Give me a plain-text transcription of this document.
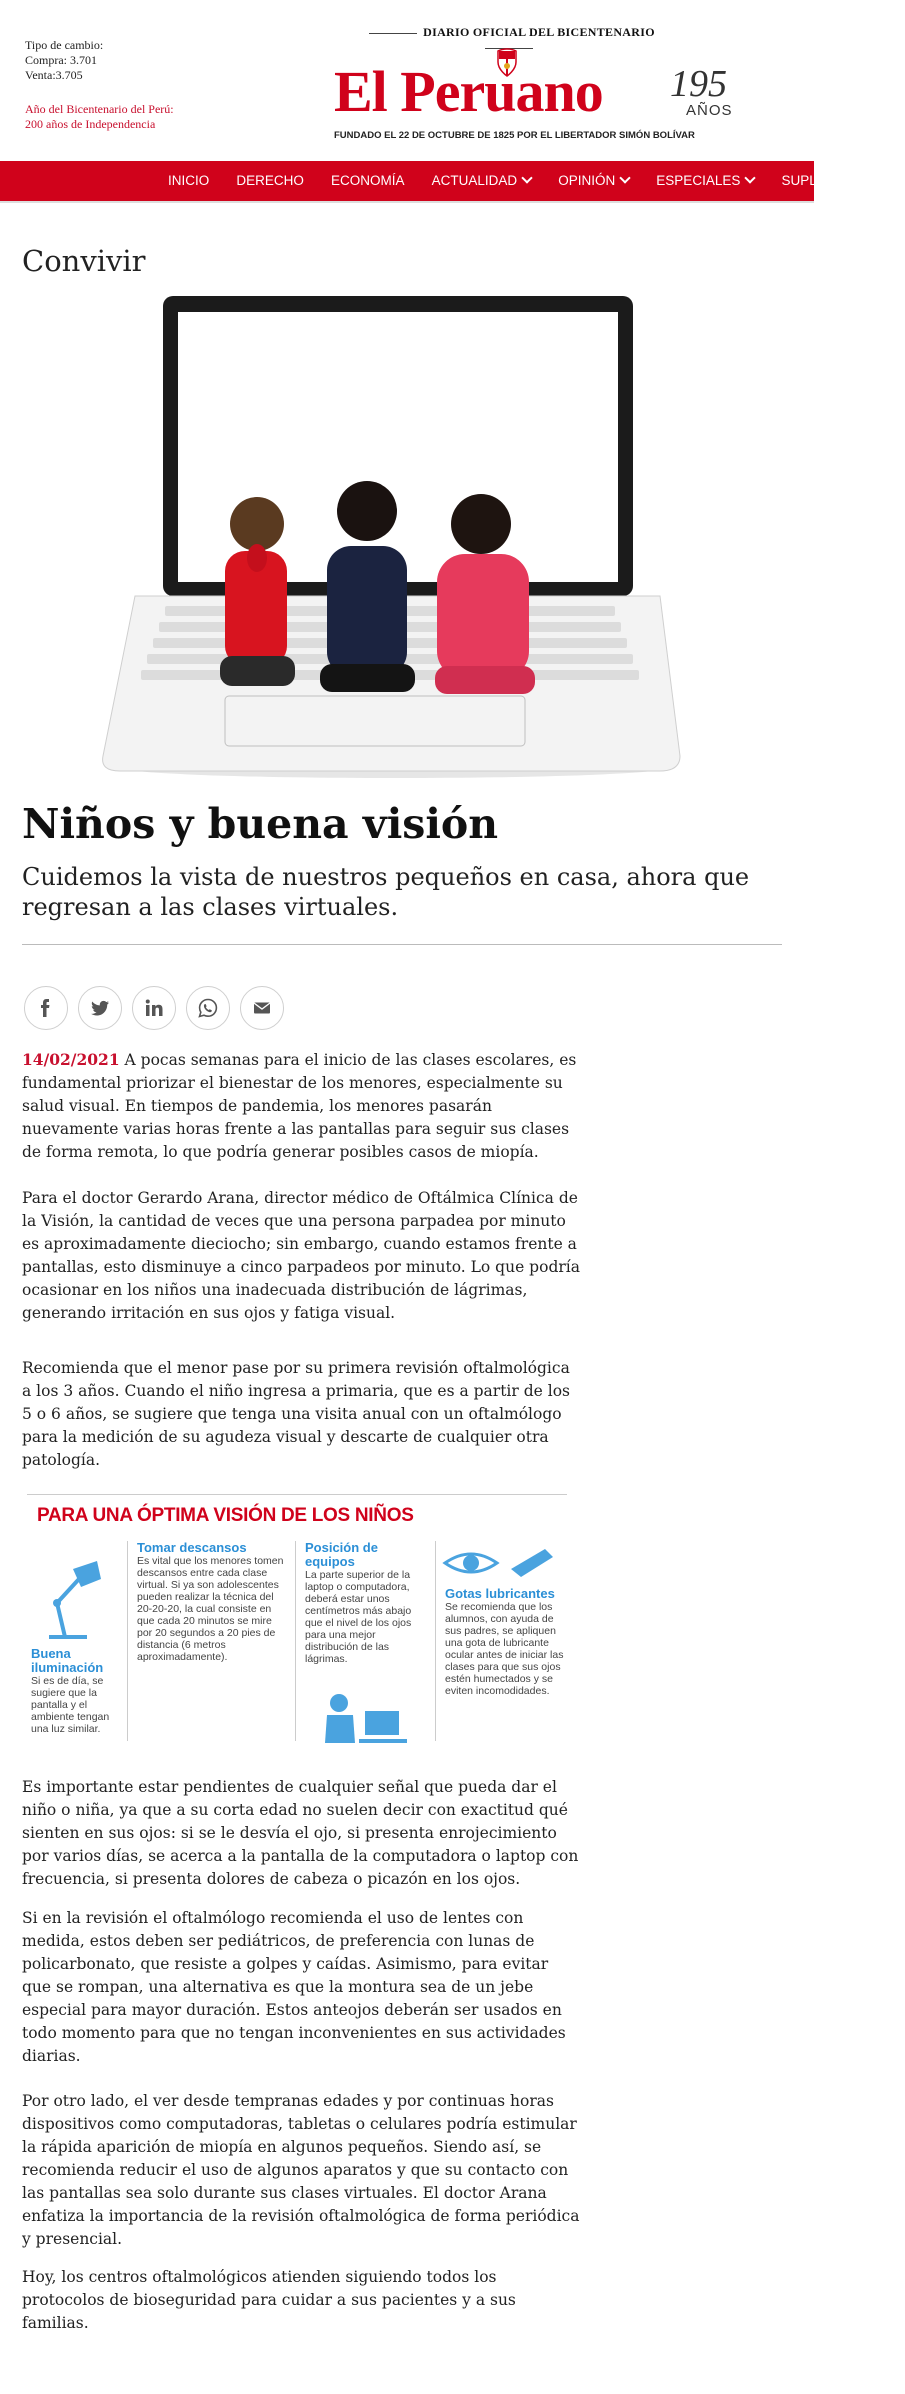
Tipo de cambio:
Compra: 3.701
Venta:3.705
Año del Bicentenario del Perú:
200 años de Independencia
DIARIO OFICIAL DEL BICENTENARIO
El Peruano 195
AÑOS
FUNDADO EL 22 DE OCTUBRE DE 1825 POR EL LIBERTADOR SIMÓN BOLÍVAR
INICIO DERECHO ECONOMÍA ACTUALIDAD	OPINIÓN	ESPECIALES	SUPLEMENTOS
Convivir
Niños y buena visión

Cuidemos la vista de nuestros pequeños en casa, ahora que regresan a las clases virtuales.

14/02/2021 A pocas semanas para el inicio de las clases escolares, es fundamental priorizar el bienestar de los menores, especialmente su salud visual. En tiempos de pandemia, los menores pasarán nuevamente varias horas frente a las pantallas para seguir sus clases de forma remota, lo que podría generar posibles casos de miopía.

Para el doctor Gerardo Arana, director médico de Oftálmica Clínica de la Visión, la cantidad de veces que una persona parpadea por minuto es aproximadamente dieciocho; sin embargo, cuando estamos frente a pantallas, esto disminuye a cinco parpadeos por minuto. Lo que podría ocasionar en los niños una inadecuada distribución de lágrimas, generando irritación en sus ojos y fatiga visual.

Recomienda que el menor pase por su primera revisión oftalmológica a los 3 años. Cuando el niño ingresa a primaria, que es a partir de los 5 o 6 años, se sugiere que tenga una visita anual con un oftalmólogo para la medición de su agudeza visual y descarte de cualquier otra patología.

PARA UNA ÓPTIMA VISIÓN DE LOS NIÑOS
Buena iluminación
Si es de día, se sugiere que la pantalla y el ambiente tengan una luz similar.
Tomar descansos
Es vital que los menores tomen descansos entre cada clase virtual. Si ya son adolescentes pueden realizar la técnica del 20-20-20, la cual consiste en que cada 20 minutos se mire por 20 segundos a 20 pies de distancia (6 metros aproximadamente).
Posición de equipos
La parte superior de la laptop o computadora, deberá estar unos centímetros más abajo que el nivel de los ojos para una mejor distribución de las lágrimas.
Gotas lubricantes
Se recomienda que los alumnos, con ayuda de sus padres, se apliquen una gota de lubricante ocular antes de iniciar las clases para que sus ojos estén humectados y se eviten incomodidades.

Es importante estar pendientes de cualquier señal que pueda dar el niño o niña, ya que a su corta edad no suelen decir con exactitud qué sienten en sus ojos: si se le desvía el ojo, si presenta enrojecimiento por varios días, se acerca a la pantalla de la computadora o laptop con frecuencia, si presenta dolores de cabeza o picazón en los ojos.

Si en la revisión el oftalmólogo recomienda el uso de lentes con medida, estos deben ser pediátricos, de preferencia con lunas de policarbonato, que resiste a golpes y caídas. Asimismo, para evitar que se rompan, una alternativa es que la montura sea de un jebe especial para mayor duración. Estos anteojos deberán ser usados en todo momento para que no tengan inconvenientes en sus actividades diarias.

Por otro lado, el ver desde tempranas edades y por continuas horas dispositivos como computadoras, tabletas o celulares podría estimular la rápida aparición de miopía en algunos pequeños. Siendo así, se recomienda reducir el uso de algunos aparatos y que su contacto con las pantallas sea solo durante sus clases virtuales. El doctor Arana enfatiza la importancia de la revisión oftalmológica de forma periódica y presencial.

Hoy, los centros oftalmológicos atienden siguiendo todos los protocolos de bioseguridad para cuidar a sus pacientes y a sus familias.
